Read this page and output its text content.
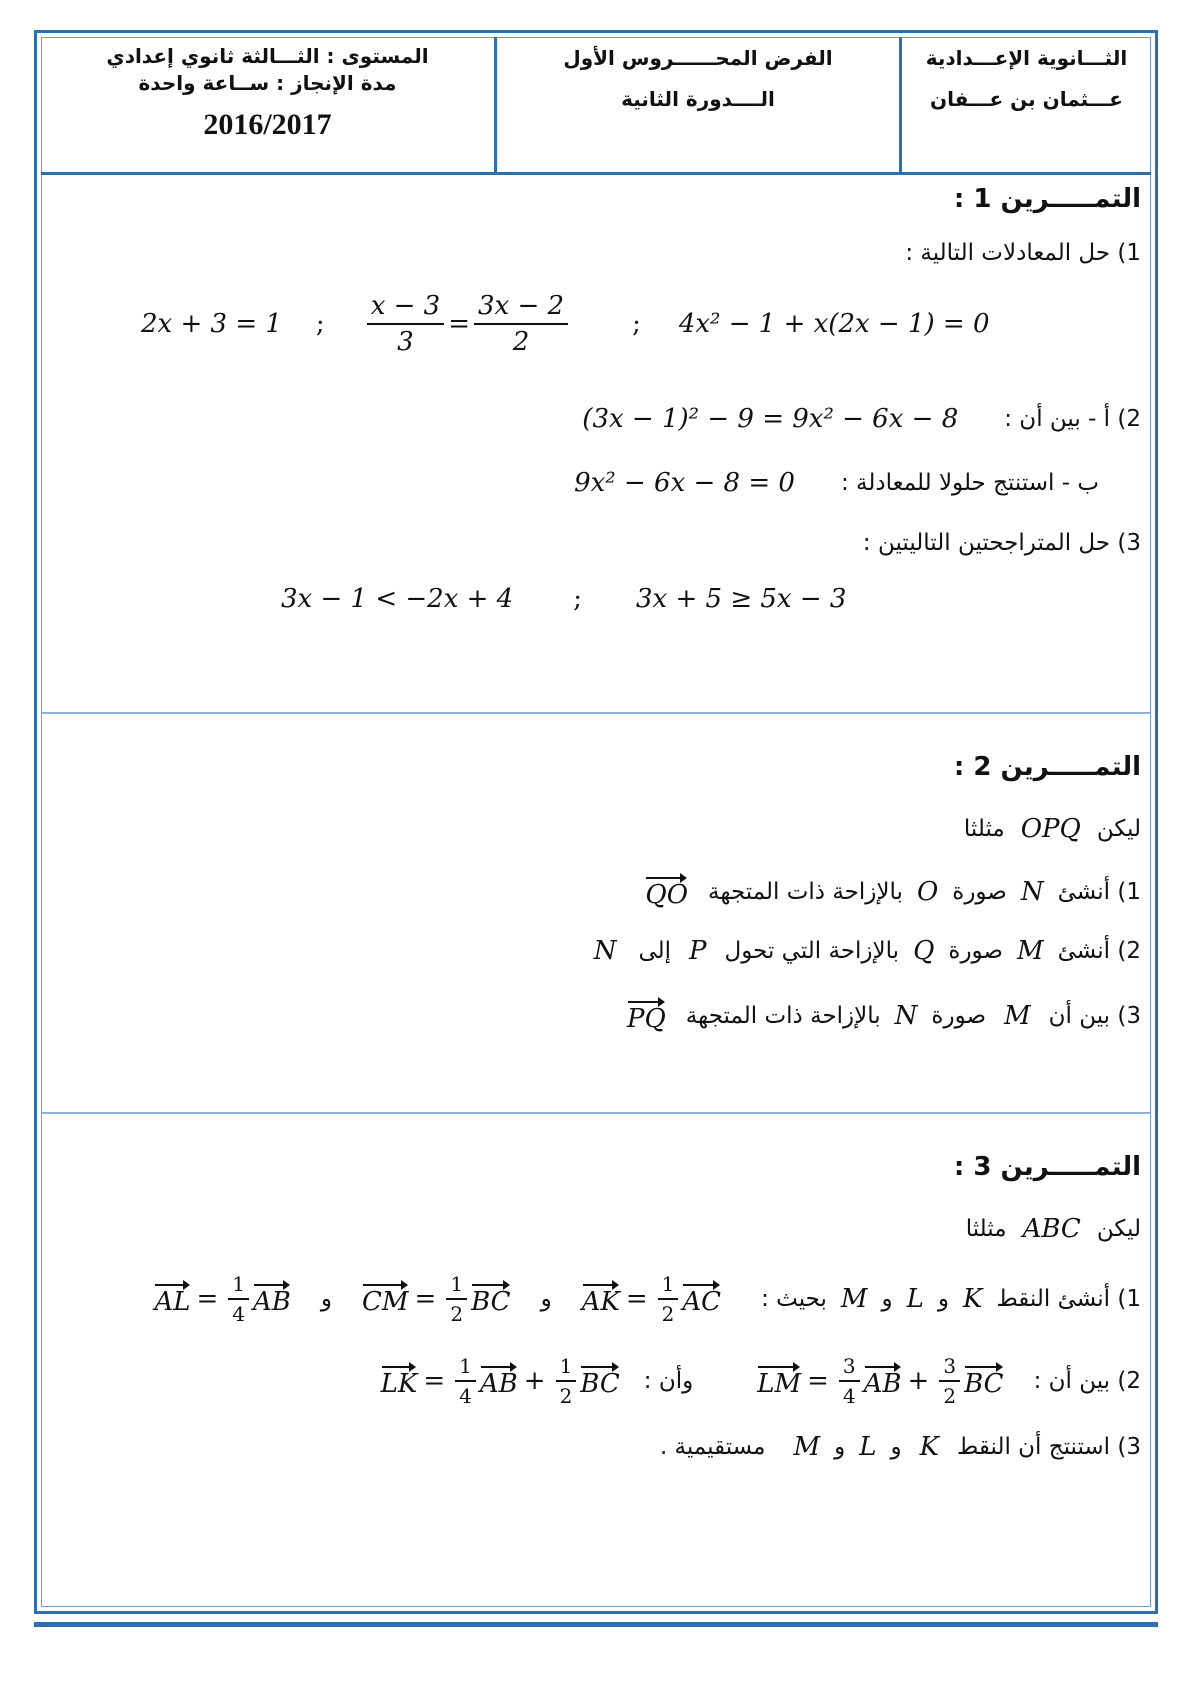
الثـــانوية الإعـــدادية
عـــثمان بن عـــفان
الفرض المحــــــروس الأول
الــــدورة الثانية
المستوى : الثـــالثة ثانوي إعدادي
مدة الإنجاز : ســاعة واحدة
2016/2017
التمـــــرين 1 :
1) حل المعادلات التالية :
2x + 3 = 1 ; $\frac{x - 3}{3} = \frac{3x - 2}{2}$ ; 4x² − 1 + x(2x − 1) = 0
2) أ - بين أن :
(3x − 1)² − 9 = 9x² − 6x − 8
ب - استنتج حلولا للمعادلة :
9x² − 6x − 8 = 0
3) حل المتراجحتين التاليتين :
3x − 1 < −2x + 4 ; 3x + 5 ≥ 5x − 3
التمـــــرين 2 :
ليكن
OPQ
مثلثا
1) أنشئ
N
صورة
O
بالإزاحة ذات المتجهة
QO
2) أنشئ
M
صورة
Q
بالإزاحة التي تحول
P
إلى
N
3) بين أن
M
صورة
N
بالإزاحة ذات المتجهة
PQ
التمـــــرين 3 :
ليكن
ABC
مثلثا
1) أنشئ النقط
K
و
L
و
M
بحيث :
AK = $\frac{1}{2}$ AC
و
CM = $\frac{1}{2}$ BC
و
AL = $\frac{1}{4}$ AB
2) بين أن :
LM = $\frac{3}{4}$ AB + $\frac{3}{2}$ BC
وأن :
LK = $\frac{1}{4}$ AB + $\frac{1}{2}$ BC
3) استنتج أن النقط
K
و
L
و
M
مستقيمية .
